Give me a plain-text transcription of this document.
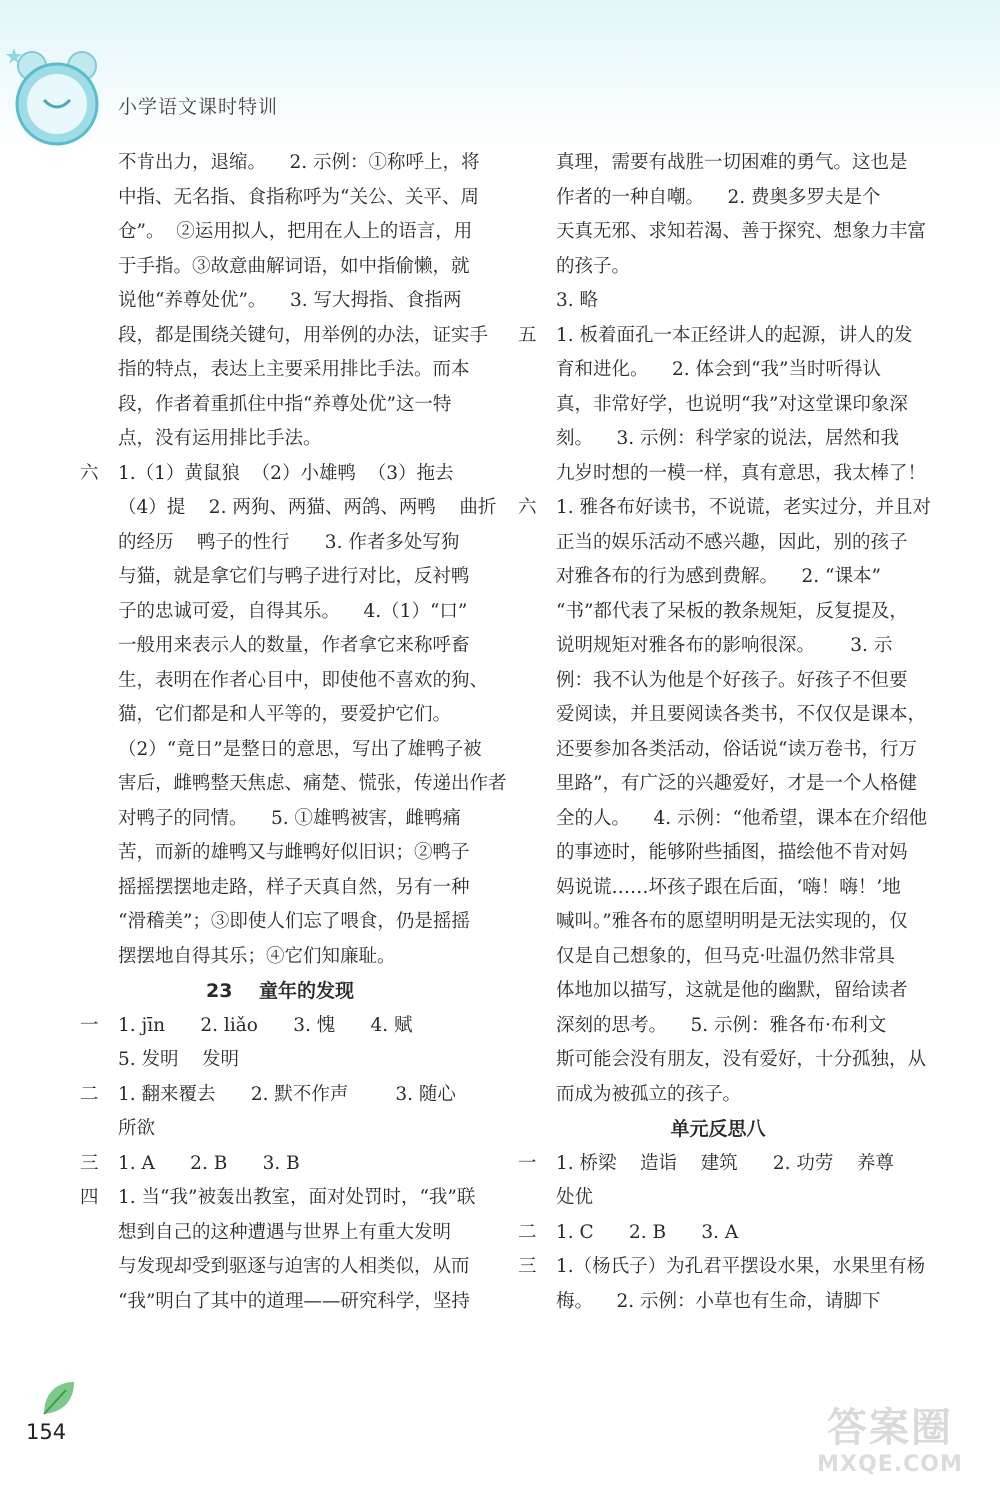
小学语文课时特训
不肯出力，退缩。    2. 示例：①称呼上，将
中指、无名指、食指称呼为“关公、关平、周
仓”。  ②运用拟人，把用在人上的语言，用
于手指。③故意曲解词语，如中指偷懒，就
说他“养尊处优”。    3. 写大拇指、食指两
段，都是围绕关键句，用举例的办法，证实手
指的特点，表达上主要采用排比手法。而本
段，作者着重抓住中指“养尊处优”这一特
点，没有运用排比手法。
六 1.（1）黄鼠狼  （2）小雄鸭  （3）拖去
（4）提    2. 两狗、两猫、两鸽、两鸭    曲折
的经历    鸭子的性行      3. 作者多处写狗
与猫，就是拿它们与鸭子进行对比，反衬鸭
子的忠诚可爱，自得其乐。    4.（1）“口”
一般用来表示人的数量，作者拿它来称呼畜
生，表明在作者心目中，即使他不喜欢的狗、
猫，它们都是和人平等的，要爱护它们。
（2）“竟日”是整日的意思，写出了雄鸭子被
害后，雌鸭整天焦虑、痛楚、慌张，传递出作者
对鸭子的同情。    5. ①雄鸭被害，雌鸭痛
苦，而新的雄鸭又与雌鸭好似旧识；②鸭子
摇摇摆摆地走路，样子天真自然，另有一种
“滑稽美”；③即使人们忘了喂食，仍是摇摇
摆摆地自得其乐；④它们知廉耻。
23    童年的发现
一 1. jīn      2. liǎo      3. 愧      4. 赋
5. 发明    发明
二 1. 翻来覆去      2. 默不作声        3. 随心
所欲
三 1. A      2. B      3. B
四 1. 当“我”被轰出教室，面对处罚时，“我”联
想到自己的这种遭遇与世界上有重大发明
与发现却受到驱逐与迫害的人相类似，从而
“我”明白了其中的道理——研究科学，坚持
真理，需要有战胜一切困难的勇气。这也是
作者的一种自嘲。    2. 费奥多罗夫是个
天真无邪、求知若渴、善于探究、想象力丰富
的孩子。
3. 略
五 1. 板着面孔一本正经讲人的起源，讲人的发
育和进化。    2. 体会到“我”当时听得认
真，非常好学，也说明“我”对这堂课印象深
刻。    3. 示例：科学家的说法，居然和我
九岁时想的一模一样，真有意思，我太棒了！
六 1. 雅各布好读书，不说谎，老实过分，并且对
正当的娱乐活动不感兴趣，因此，别的孩子
对雅各布的行为感到费解。    2. “课本”
“书”都代表了呆板的教条规矩，反复提及，
说明规矩对雅各布的影响很深。      3. 示
例：我不认为他是个好孩子。好孩子不但要
爱阅读，并且要阅读各类书，不仅仅是课本，
还要参加各类活动，俗话说“读万卷书，行万
里路”，有广泛的兴趣爱好，才是一个人格健
全的人。    4. 示例：“他希望，课本在介绍他
的事迹时，能够附些插图，描绘他不肯对妈
妈说谎……坏孩子跟在后面，‘嗨！嗨！’地
喊叫。”雅各布的愿望明明是无法实现的，仅
仅是自己想象的，但马克·吐温仍然非常具
体地加以描写，这就是他的幽默，留给读者
深刻的思考。    5. 示例：雅各布·布利文
斯可能会没有朋友，没有爱好，十分孤独，从
而成为被孤立的孩子。
单元反思八
一 1. 桥梁    造诣    建筑      2. 功劳    养尊
处优
二 1. C      2. B      3. A
三 1.（杨氏子）为孔君平摆设水果，水果里有杨
梅。    2. 示例：小草也有生命，请脚下
154	答案圈
MXQE.COM
